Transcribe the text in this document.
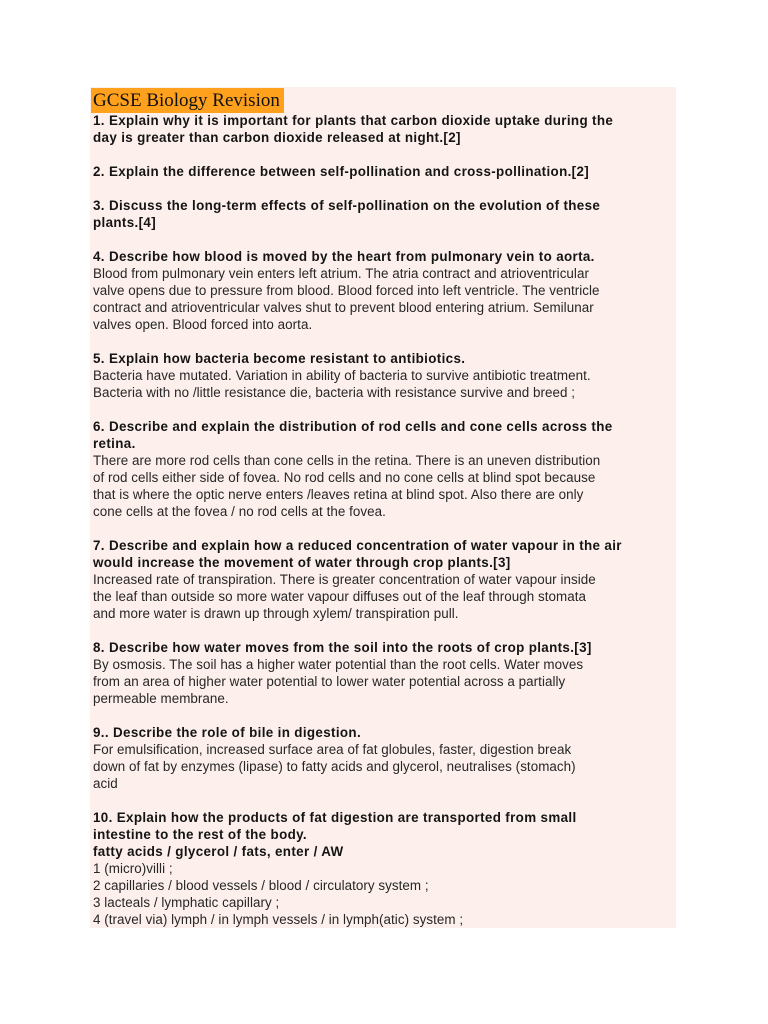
GCSE Biology Revision
1. Explain why it is important for plants that carbon dioxide uptake during the
day is greater than carbon dioxide released at night.[2]
2. Explain the difference between self-pollination and cross-pollination.[2]
3. Discuss the long-term effects of self-pollination on the evolution of these
plants.[4]
4. Describe how blood is moved by the heart from pulmonary vein to aorta.
Blood from pulmonary vein enters left atrium. The atria contract and atrioventricular
valve opens due to pressure from blood. Blood forced into left ventricle. The ventricle
contract and atrioventricular valves shut to prevent blood entering atrium. Semilunar
valves open. Blood forced into aorta.
5. Explain how bacteria become resistant to antibiotics.
Bacteria have mutated. Variation in ability of bacteria to survive antibiotic treatment.
Bacteria with no /little resistance die, bacteria with resistance survive and breed ;
6. Describe and explain the distribution of rod cells and cone cells across the
retina.
There are more rod cells than cone cells in the retina. There is an uneven distribution
of rod cells either side of fovea. No rod cells and no cone cells at blind spot because
that is where the optic nerve enters /leaves retina at blind spot. Also there are only
cone cells at the fovea / no rod cells at the fovea.
7. Describe and explain how a reduced concentration of water vapour in the air
would increase the movement of water through crop plants.[3]
Increased rate of transpiration. There is greater concentration of water vapour inside
the leaf than outside so more water vapour diffuses out of the leaf through stomata
and more water is drawn up through xylem/ transpiration pull.
8. Describe how water moves from the soil into the roots of crop plants.[3]
By osmosis. The soil has a higher water potential than the root cells. Water moves
from an area of higher water potential to lower water potential across a partially
permeable membrane.
9.. Describe the role of bile in digestion.
For emulsification, increased surface area of fat globules, faster, digestion break
down of fat by enzymes (lipase) to fatty acids and glycerol, neutralises (stomach)
acid
10. Explain how the products of fat digestion are transported from small
intestine to the rest of the body.
fatty acids / glycerol / fats, enter / AW
1 (micro)villi ;
2 capillaries / blood vessels / blood / circulatory system ;
3 lacteals / lymphatic capillary ;
4 (travel via) lymph / in lymph vessels / in lymph(atic) system ;
